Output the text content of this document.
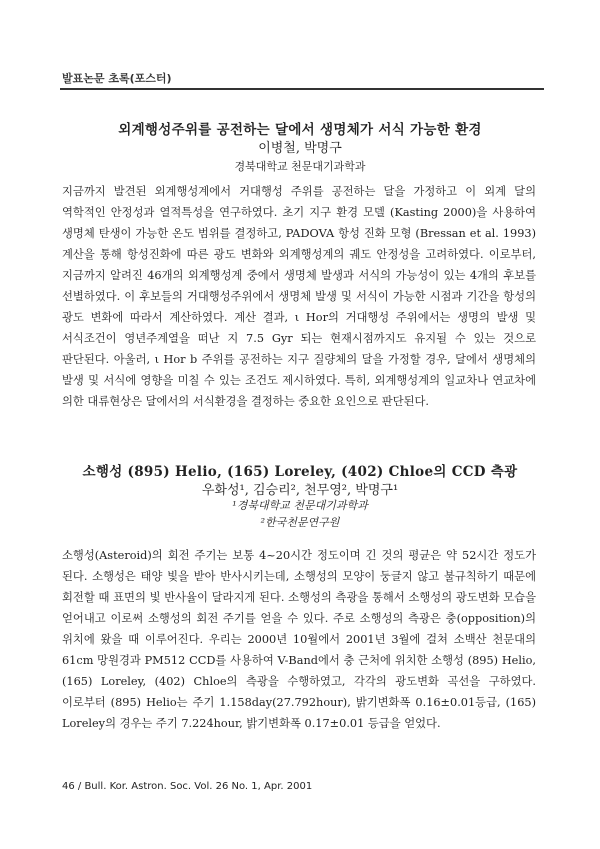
발표논문 초록(포스터)
외계행성주위를 공전하는 달에서 생명체가 서식 가능한 환경
이병철, 박명구
경북대학교 천문대기과학과
지금까지 발견된 외계행성계에서 거대행성 주위를 공전하는 달을 가정하고 이 외계 달의 역학적인 안정성과 열적특성을 연구하였다. 초기 지구 환경 모델 (Kasting 2000)을 사용하여 생명체 탄생이 가능한 온도 범위를 결정하고, PADOVA 항성 진화 모형 (Bressan et al. 1993) 계산을 통해 항성진화에 따른 광도 변화와 외계행성계의 궤도 안정성을 고려하였다. 이로부터, 지금까지 알려진 46개의 외계행성계 중에서 생명체 발생과 서식의 가능성이 있는 4개의 후보를 선별하였다. 이 후보들의 거대행성주위에서 생명체 발생 및 서식이 가능한 시점과 기간을 항성의 광도 변화에 따라서 계산하였다. 계산 결과, ι Hor의 거대행성 주위에서는 생명의 발생 및 서식조건이 영년주계열을 떠난 지 7.5 Gyr 되는 현재시점까지도 유지될 수 있는 것으로 판단된다. 아울러, ι Hor b 주위를 공전하는 지구 질량체의 달을 가정할 경우, 달에서 생명체의 발생 및 서식에 영향을 미칠 수 있는 조건도 제시하였다. 특히, 외계행성계의 일교차나 연교차에 의한 대류현상은 달에서의 서식환경을 결정하는 중요한 요인으로 판단된다.
소행성 (895) Helio, (165) Loreley, (402) Chloe의 CCD 측광
우화성¹, 김승리², 천무영², 박명구¹
¹경북대학교 천문대기과학과
²한국천문연구원
소행성(Asteroid)의 회전 주기는 보통 4~20시간 정도이며 긴 것의 평균은 약 52시간 정도가 된다. 소행성은 태양 빛을 받아 반사시키는데, 소행성의 모양이 둥글지 않고 불규칙하기 때문에 회전할 때 표면의 빛 반사율이 달라지게 된다. 소행성의 측광을 통해서 소행성의 광도변화 모습을 얻어내고 이로써 소행성의 회전 주기를 얻을 수 있다. 주로 소행성의 측광은 충(opposition)의 위치에 왔을 때 이루어진다. 우리는 2000년 10월에서 2001년 3월에 걸쳐 소백산 천문대의 61cm 망원경과 PM512 CCD를 사용하여 V-Band에서 충 근처에 위치한 소행성 (895) Helio, (165) Loreley, (402) Chloe의 측광을 수행하였고, 각각의 광도변화 곡선을 구하였다. 이로부터 (895) Helio는 주기 1.158day(27.792hour), 밝기변화폭 0.16±0.01등급, (165) Loreley의 경우는 주기 7.224hour, 밝기변화폭 0.17±0.01 등급을 얻었다.
46 / Bull. Kor. Astron. Soc. Vol. 26 No. 1, Apr. 2001
